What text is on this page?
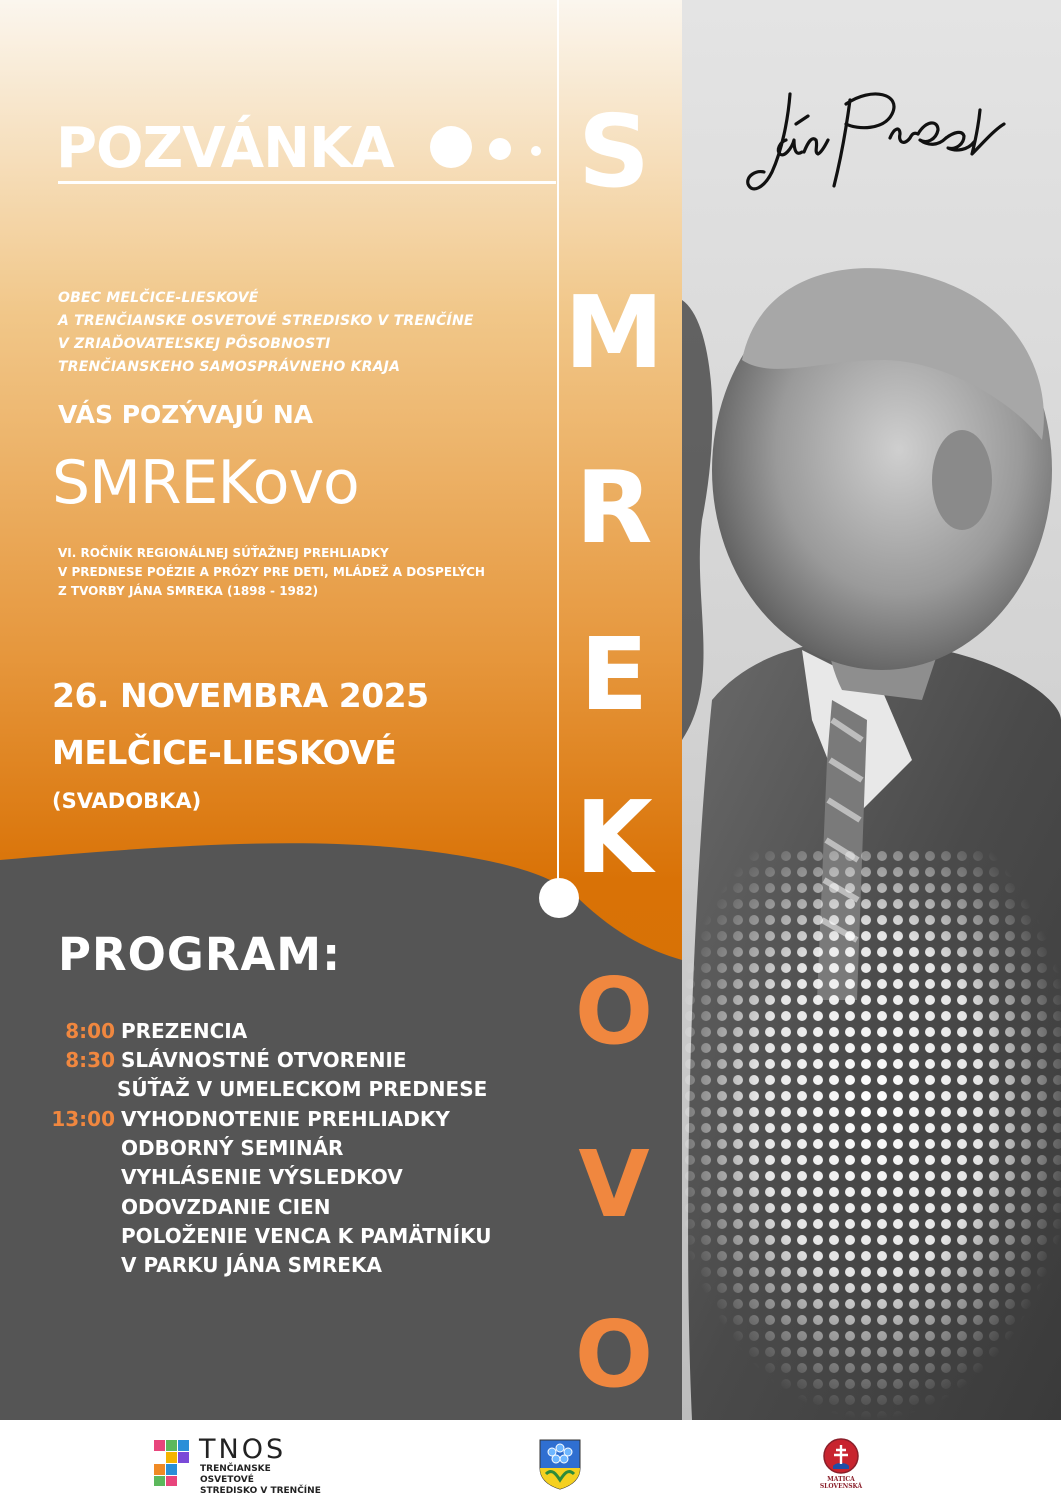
POZVÁNKA
OBEC MELČICE-LIESKOVÉ
A TRENČIANSKE OSVETOVÉ STREDISKO V TRENČÍNE
V ZRIAĎOVATEĽSKEJ PÔSOBNOSTI
TRENČIANSKEHO SAMOSPRÁVNEHO KRAJA
VÁS POZÝVAJÚ NA
SMREKovo
VI. ROČNÍK REGIONÁLNEJ SÚŤAŽNEJ PREHLIADKY
V PREDNESE POÉZIE A PRÓZY PRE DETI, MLÁDEŽ A DOSPELÝCH
Z TVORBY JÁNA SMREKA (1898 - 1982)
26. NOVEMBRA 2025
MELČICE-LIESKOVÉ
(SVADOBKA)
S
M
R
E
K
O
V
O
PROGRAM:
8:00 PREZENCIA
8:30 SLÁVNOSTNÉ OTVORENIE
SÚŤAŽ V UMELECKOM PREDNESE
13:00 VYHODNOTENIE PREHLIADKY
ODBORNÝ SEMINÁR
VYHLÁSENIE VÝSLEDKOV
ODOVZDANIE CIEN
POLOŽENIE VENCA K PAMÄTNÍKU
V PARKU JÁNA SMREKA
TNOS
TRENČIANSKE OSVETOVÉ
STREDISKO V TRENČÍNE
MATICA
SLOVENSKÁ
